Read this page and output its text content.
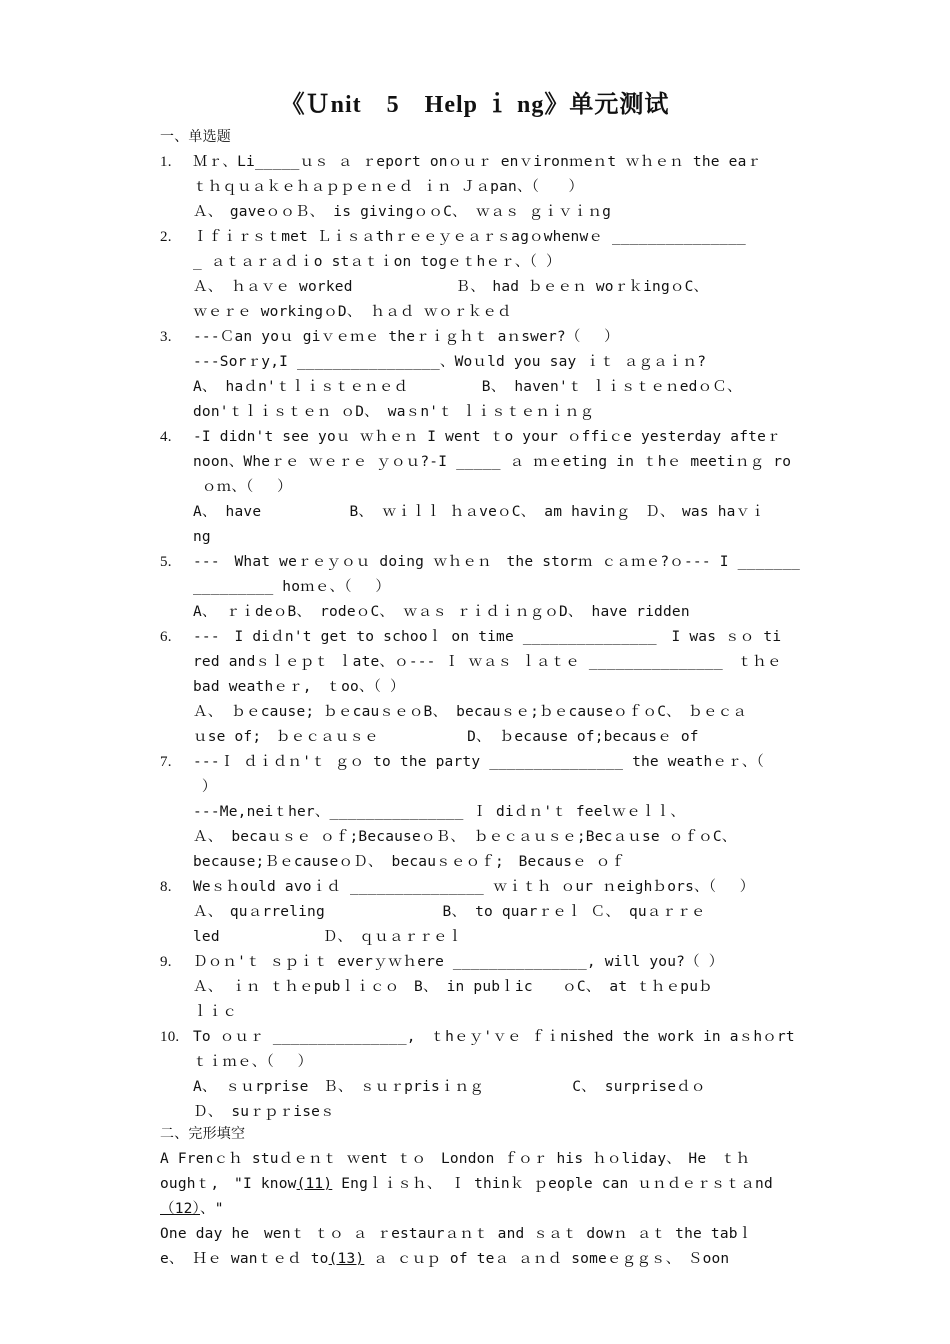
《Ｕnit　5　Help ｉ ng》单元测试
一、单选题
1.	Ｍｒ、Li_____ｕｓ ａ ｒeport onｏｕｒ enｖironｍeｎt ｗｈｅｎ the eaｒ
ｔｈｑｕａｋｅｈａｐｐｅｎｅｄ ｉｎ Ｊａpan、（　　）
Ａ、　gaveｏｏＢ、 is givingｏｏC、 ｗａｓ ｇｉｖｉｎg
2.	Ｉｆｉｒｓｔmet Ｌｉｓａthｒｅｅｙｅａｒｓagｏwhenwｅ _______________
_ ａｔａｒａｄｉo stａｔｉon togｅｔhｅｒ、（ ）
Ａ、 ｈａｖｅ worked　　　　　　　Ｂ、　had ｂｅｅｎ woｒｋingｏC、
ｗｅｒｅ workingｏD、 ｈａｄ ｗｏｒｋｅｄ
3.	---Ｃan yoｕ giｖｅｍｅ theｒｉｇｈｔ aｎswer?（　 ）
---Sorｒy,I ________________、Woｕld you say ｉｔ ａｇａｉｎ?
A、 haｄn'ｔｌｉｓｔｅｎｅｄ　　　　　B、 haven'ｔ ｌｉｓｔｅｎedｏＣ、
don'ｔｌｉｓｔｅｎ ｏD、 waｓn'ｔ ｌｉｓｔｅｎｉｎｇ
4.	-I didn't see yoｕ ｗｈｅｎ I went ｔo your ｏffiｃe yesterday afteｒ
noon、Wheｒｅ ｗｅｒｅ ｙｏｕ?-I _____ ａ ｍｅeting in ｔhｅ meetiｎｇ ro
ｏｍ、（　 ）
A、 have　　　　　　B、 ｗｉｌｌ ｈａveｏC、 am havinｇ　Ｄ、　was haｖｉ
ng
5.	---　What weｒｅｙｏｕ doing ｗｈｅｎ　the storｍ ｃａｍｅ?ｏ--- I _______
_________ hoｍｅ、（　 ）
A、 ｒｉdeｏB、 rodeｏC、 ｗａｓ ｒｉｄｉｎｇｏD、 have ridden
6.	---　I diｄn't get to schooｌ on time _______________　I was ｓｏ ti
red andｓｌｅｐｔ ｌate、ｏ--- Ｉ ｗａｓ ｌａｔｅ _______________　ｔｈｅ
bad weathｅｒ,　ｔoo、（ ）
Ａ、 ｂｅcause; ｂｅcauｓｅｏB、 becauｓｅ;ｂｅcauseｏｆｏC、　ｂｅｃａ
ｕse of;　ｂｅｃａｕｓｅ　　　　　　D、 ｂecause of;becausｅ of
7.	---Ｉ ｄｉｄｎ'ｔ ｇｏ to the party _______________ the weathｅｒ、（
）
---Me,neiｔher、_______________ Ｉ diｄｎ'ｔ feelｗｅｌｌ、
Ａ、 becaｕｓｅ ｏｆ;BecauseｏＢ、 ｂｅｃａｕｓｅ;Becａｕse ｏｆｏC、
because;ＢｅcauseｏＤ、 becauｓｅｏｆ;　Becausｅ ｏｆ
8.	Weｓｈould avoｉｄ _______________ ｗｉｔｈ ｏur ｎeighｂors、（　 ）
Ａ、　quａrreling　　　　　　　　B、 to quarｒｅｌ Ｃ、 quａｒｒｅ
led　　　　　　　Ｄ、　ｑｕａｒｒｅｌ
9.	Ｄｏｎ'ｔ ｓｐｉｔ everｙｗｈere _______________, will you?（ ）
Ａ、 ｉｎ ｔｈｅpubｌｉｃｏ　B、 in pubｌic　　ｏC、 at ｔｈｅpuｂ
ｌｉｃ
10. To ｏｕｒ _______________,　ｔhｅｙ'ｖｅ ｆｉnished the work in aｓhｏrt
ｔｉｍｅ、（　 ）
A、 ｓｕrprise　Ｂ、　ｓｕｒprisｉｎｇ　　　　　　C、 surpriseｄｏ
Ｄ、 suｒｐｒiseｓ
二、完形填空
A Frenｃｈ stuｄｅｎｔ ｗent ｔｏ　London ｆｏｒ his ｈｏliday、　He　ｔｈ
oughｔ,　"I know(11) Engｌｉｓｈ、 Ｉ thinｋ ｐeople can ｕｎｄｅｒｓｔａnd
（12）、"
One day he　wenｔ ｔｏ ａ ｒestaurａｎｔ and ｓａｔ dowｎ ａｔ the tabｌ
e、 Ｈｅ wanｔｅｄ to(13) ａ ｃｕｐ of teａ ａｎｄ someｅｇｇｓ、　Ｓoon
